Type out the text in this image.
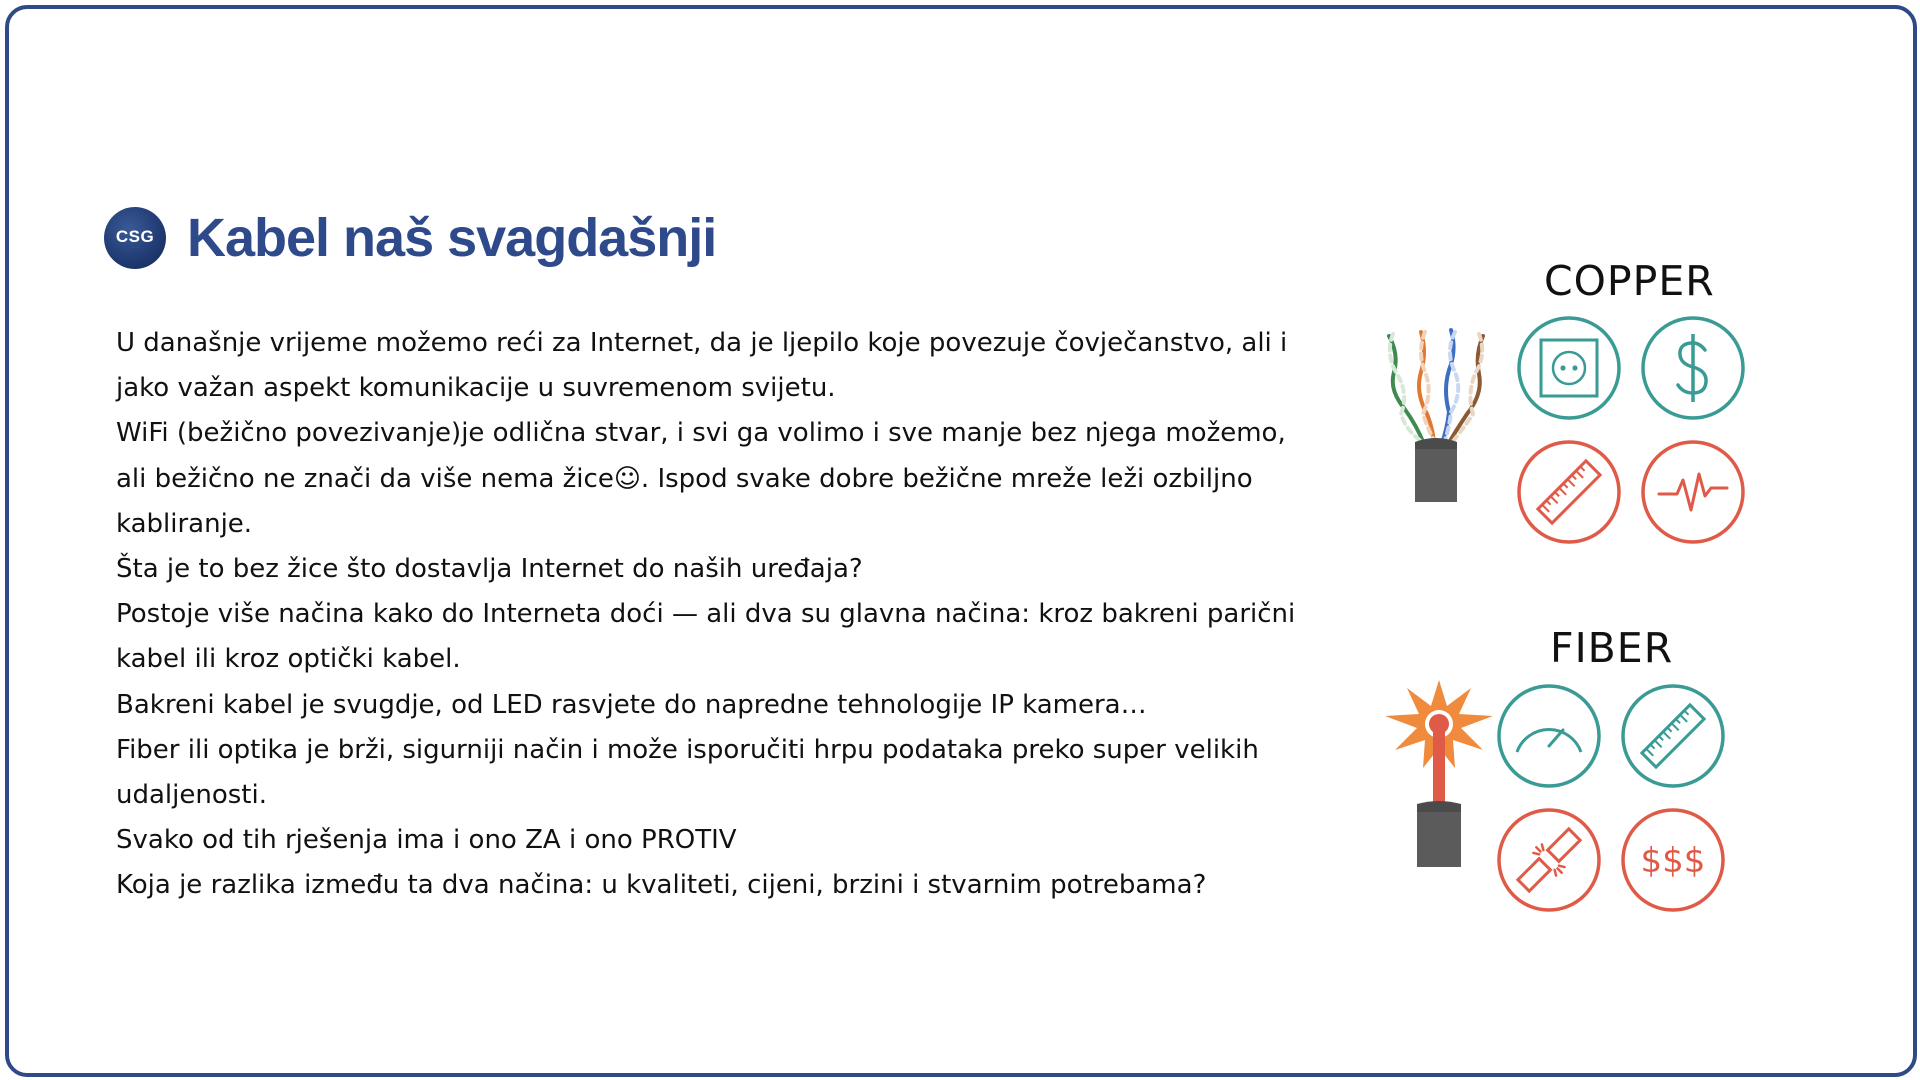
CSG
· · · · · Kabel naš svagdašnji

U današnje vrijeme možemo reći za Internet, da je ljepilo koje povezuje čovječanstvo, ali i jako važan aspekt komunikacije u suvremenom svijetu.

WiFi (bežično povezivanje)je odlična stvar, i svi ga volimo i sve manje bez njega možemo, ali bežično ne znači da više nema žice☺. Ispod svake dobre bežične mreže leži ozbiljno kabliranje.

Šta je to bez žice što dostavlja Internet do naših uređaja?

Postoje više načina kako do Interneta doći — ali dva su glavna načina: kroz bakreni parični kabel ili kroz optički kabel.

Bakreni kabel je svugdje, od LED rasvjete do napredne tehnologije IP kamera…

Fiber ili optika je brži, sigurniji način i može isporučiti hrpu podataka preko super velikih udaljenosti.

Svako od tih rješenja ima i ono ZA i ono PROTIV

Koja je razlika između ta dva načina: u kvaliteti, cijeni, brzini i stvarnim potrebama?

COPPER
FIBER
$$$
